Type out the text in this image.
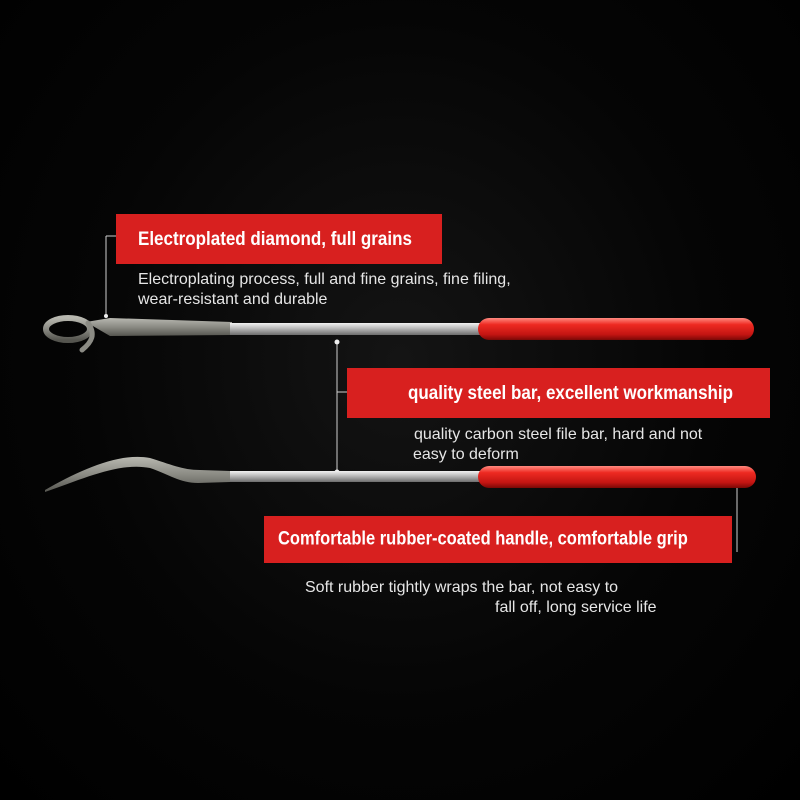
Electroplated diamond, full grains
Electroplating process, full and fine grains, fine filing,
wear-resistant and durable
quality steel bar, excellent workmanship
quality carbon steel file bar, hard and not
easy to deform
Comfortable rubber-coated handle, comfortable grip
Soft rubber tightly wraps the bar, not easy to
fall off, long service life
